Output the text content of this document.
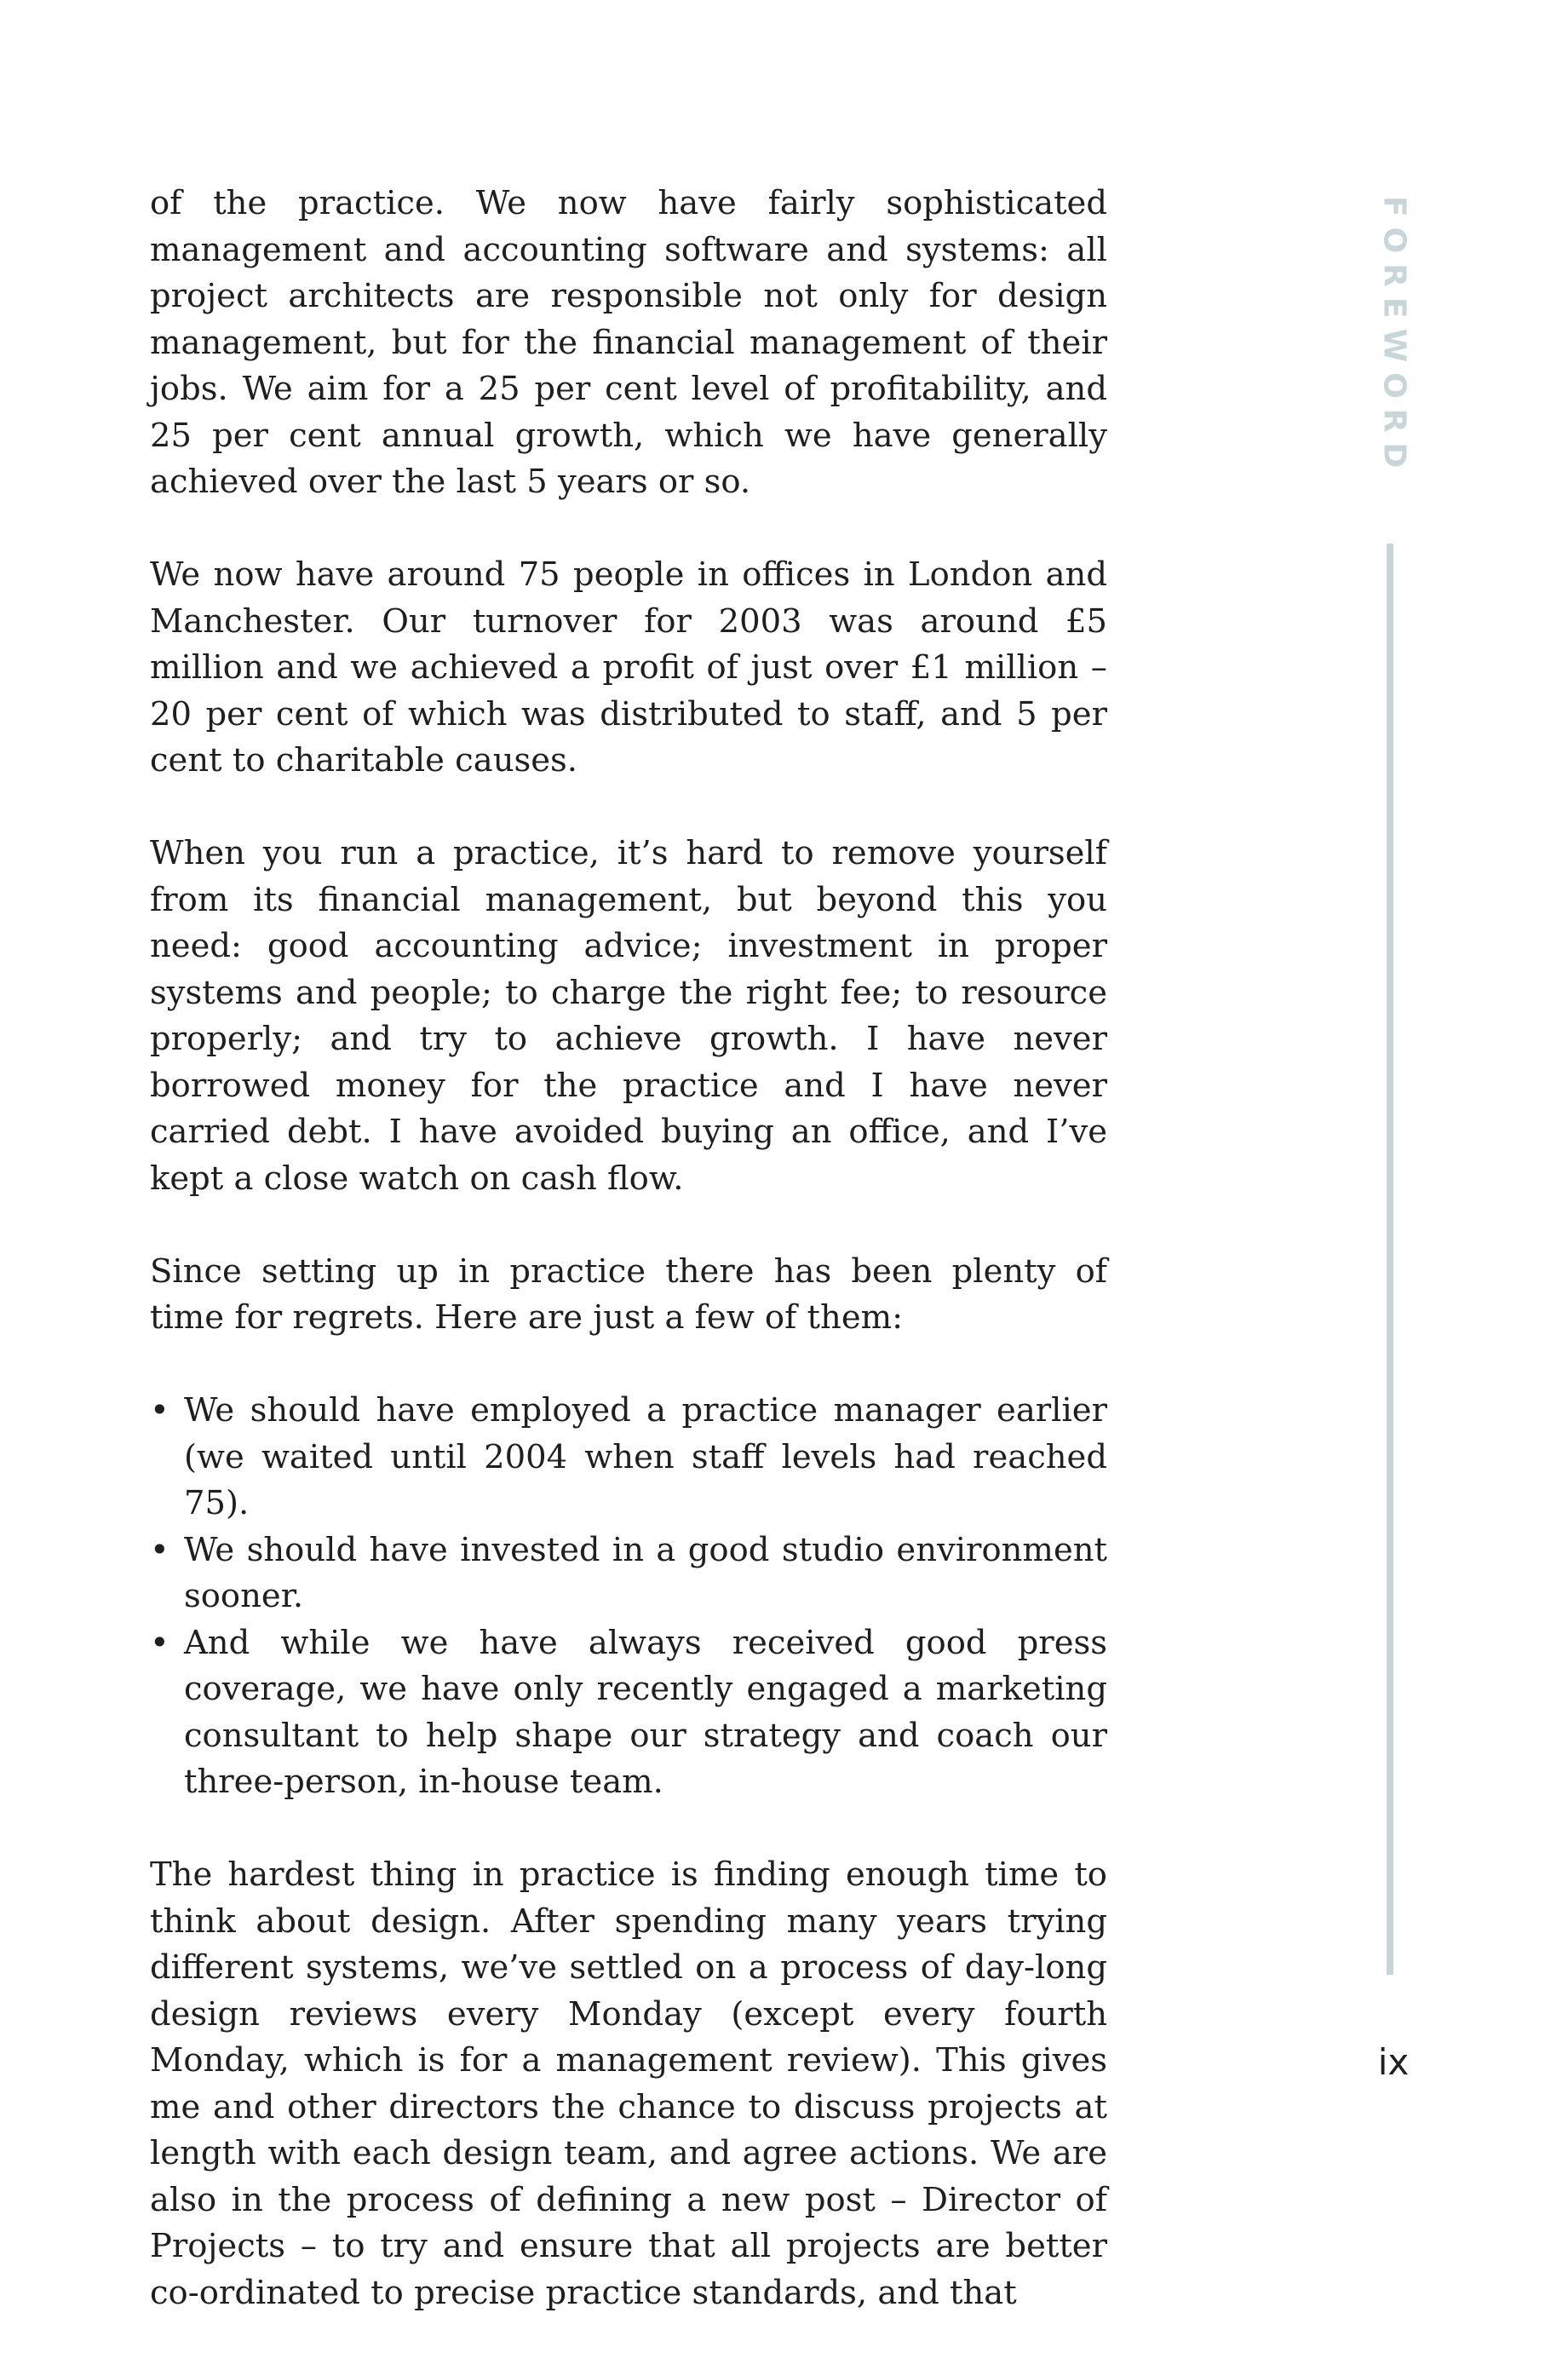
of the practice. We now have fairly sophisticated management and accounting software and systems: all project architects are responsible not only for design management, but for the financial management of their jobs. We aim for a 25 per cent level of profitability, and 25 per cent annual growth, which we have generally achieved over the last 5 years or so.

We now have around 75 people in offices in London and Manchester. Our turnover for 2003 was around £5 million and we achieved a profit of just over £1 million – 20 per cent of which was distributed to staff, and 5 per cent to charitable causes.

When you run a practice, it’s hard to remove yourself from its financial management, but beyond this you need: good accounting advice; investment in proper systems and people; to charge the right fee; to resource properly; and try to achieve growth. I have never borrowed money for the practice and I have never carried debt. I have avoided buying an office, and I’ve kept a close watch on cash flow.

Since setting up in practice there has been plenty of time for regrets. Here are just a few of them:

• We should have employed a practice manager earlier (we waited until 2004 when staff levels had reached 75).
• We should have invested in a good studio environment sooner.
• And while we have always received good press coverage, we have only recently engaged a marketing consultant to help shape our strategy and coach our three-person, in-house team.

The hardest thing in practice is finding enough time to think about design. After spending many years trying different systems, we’ve settled on a process of day-long design reviews every Monday (except every fourth Monday, which is for a management review). This gives me and other directors the chance to discuss projects at length with each design team, and agree actions. We are also in the process of defining a new post – Director of Projects – to try and ensure that all projects are better co-ordinated to precise practice standards, and that

FOREWORD
ix
